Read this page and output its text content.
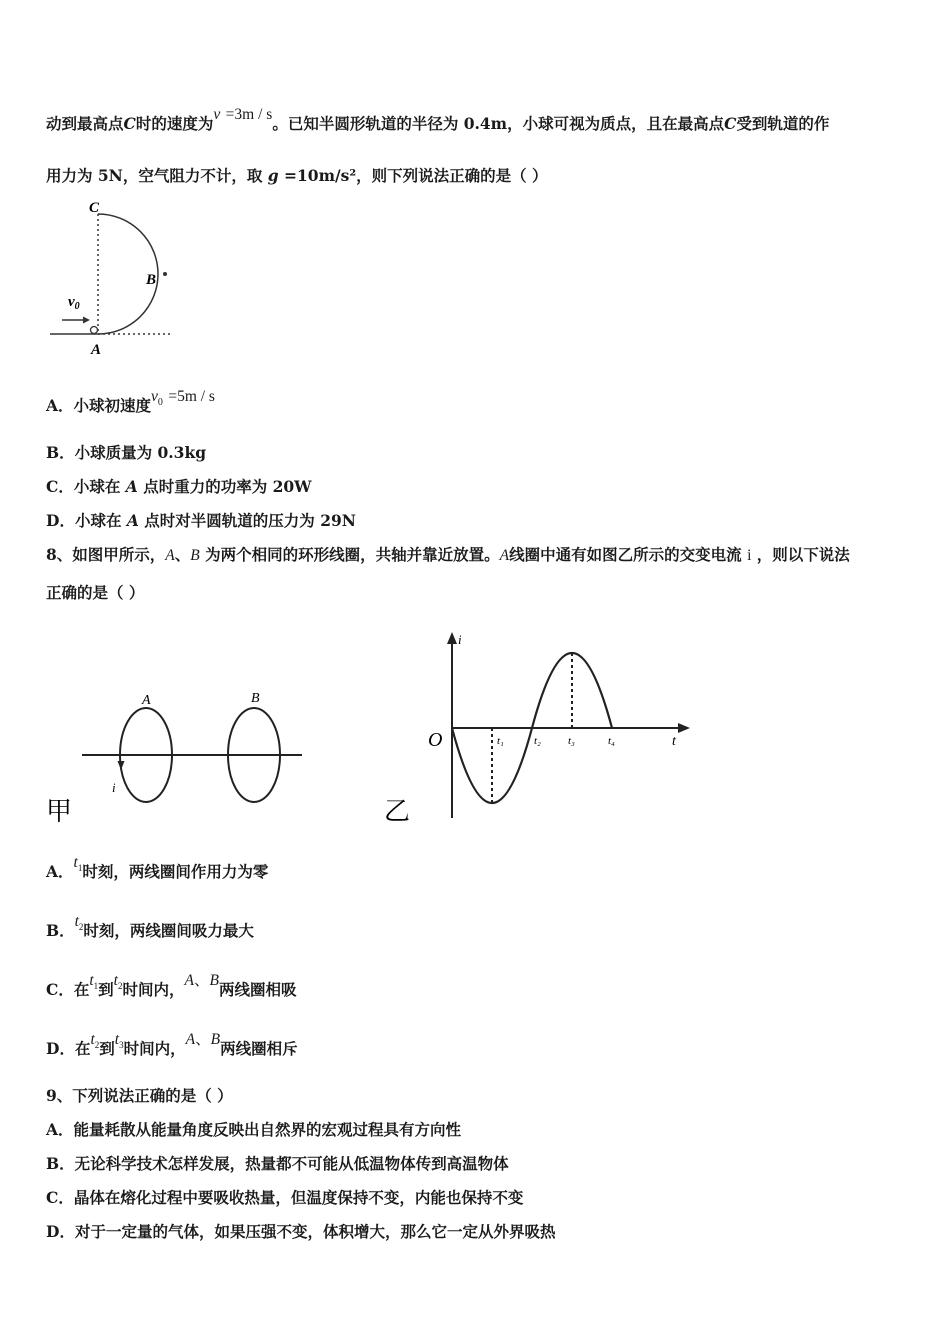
动到最高点C时的速度为v =3m / s。已知半圆形轨道的半径为 0.4m，小球可视为质点，且在最高点C受到轨道的作
用力为 5N，空气阻力不计，取 g =10m/s²，则下列说法正确的是（ ）
C
B
A
$v_0$
A．小球初速度$v_0 =5m / s$
B．小球质量为 0.3kg
C．小球在 A 点时重力的功率为 20W
D．小球在 A 点时对半圆轨道的压力为 29N
8、如图甲所示，A、B 为两个相同的环形线圈，共轴并靠近放置。A线圈中通有如图乙所示的交变电流 i ，则以下说法
正确的是（ ）
A	B
i
甲
i
O	t
t₁	t₂ t₃	t₄
乙
A．$t_1$时刻，两线圈间作用力为零
B．$t_2$时刻，两线圈间吸力最大
C．在$t_1$到$t_2$时间内，A、B两线圈相吸
D．在$t_2$到$t_3$时间内，A、B两线圈相斥
9、下列说法正确的是（ ）
A．能量耗散从能量角度反映出自然界的宏观过程具有方向性
B．无论科学技术怎样发展，热量都不可能从低温物体传到高温物体
C．晶体在熔化过程中要吸收热量，但温度保持不变，内能也保持不变
D．对于一定量的气体，如果压强不变，体积增大，那么它一定从外界吸热
